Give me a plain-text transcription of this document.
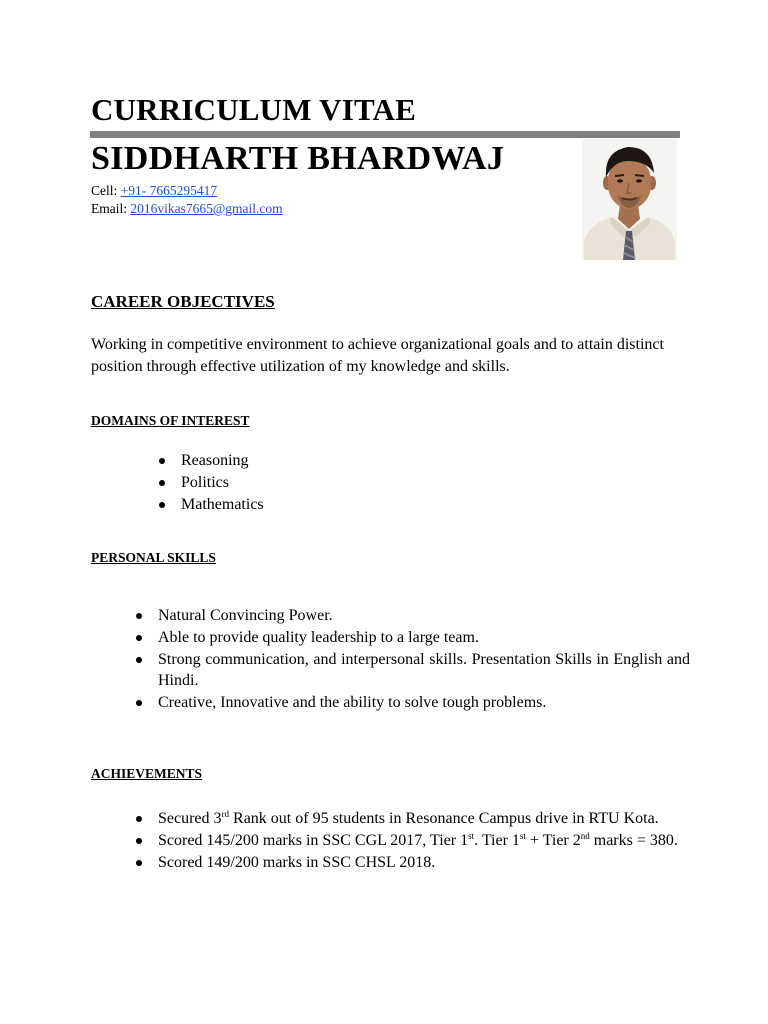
CURRICULUM VITAE
SIDDHARTH BHARDWAJ
Cell: +91- 7665295417
Email: 2016vikas7665@gmail.com
CAREER OBJECTIVES
Working in competitive environment to achieve organizational goals and to attain distinct position through effective utilization of my knowledge and skills.
DOMAINS OF INTEREST
Reasoning
Politics
Mathematics
PERSONAL SKILLS
Natural Convincing Power.
Able to provide quality leadership to a large team.
Strong communication, and interpersonal skills. Presentation Skills in English and Hindi.
Creative, Innovative and the ability to solve tough problems.
ACHIEVEMENTS
Secured 3rd Rank out of 95 students in Resonance Campus drive in RTU Kota.
Scored 145/200 marks in SSC CGL 2017, Tier 1st. Tier 1st + Tier 2nd marks = 380.
Scored 149/200 marks in SSC CHSL 2018.
